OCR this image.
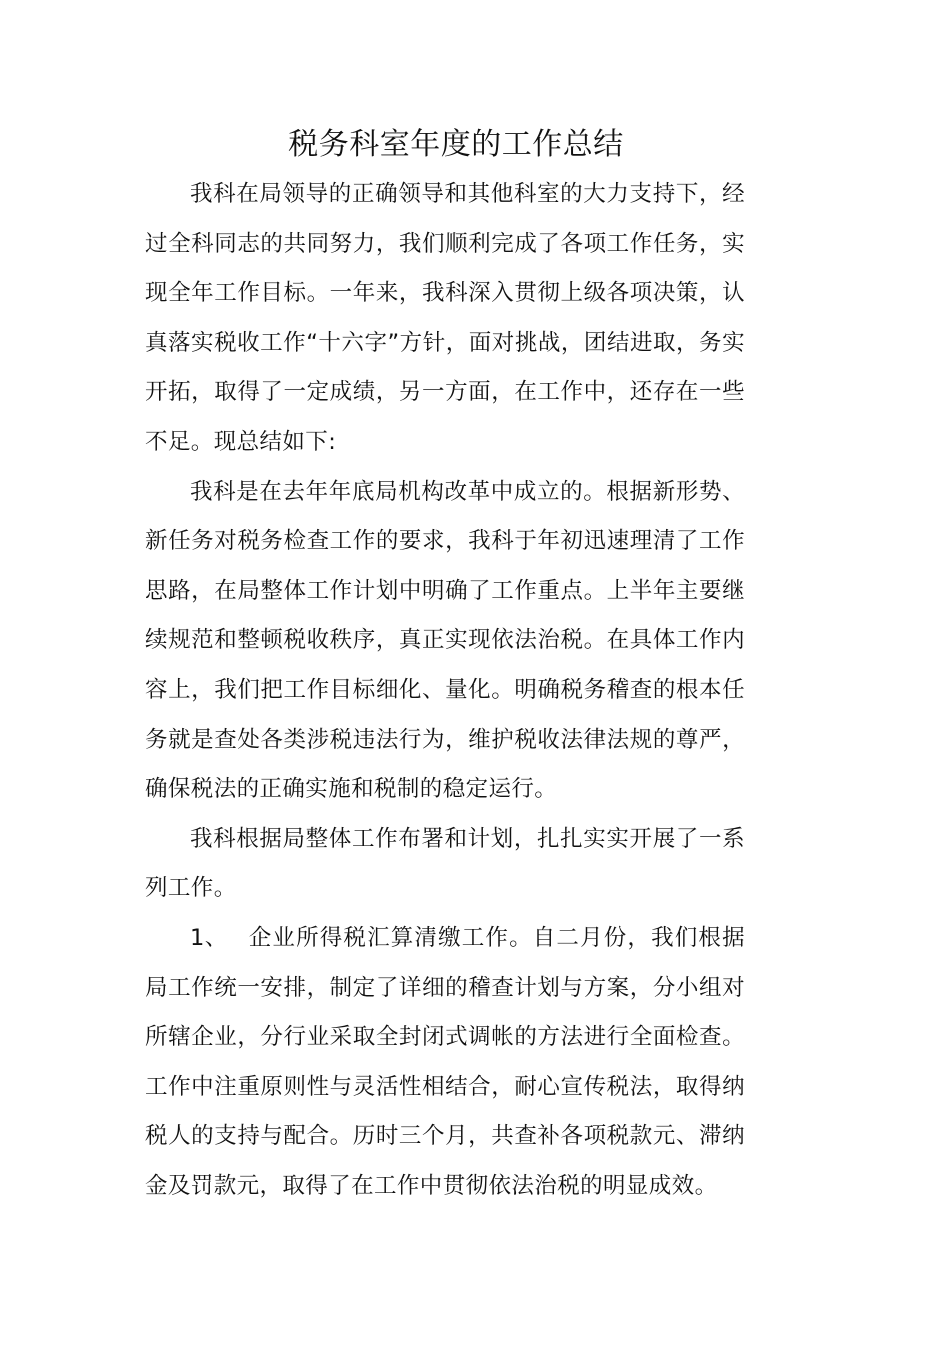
税务科室年度的工作总结

我科在局领导的正确领导和其他科室的大力支持下，经过全科同志的共同努力，我们顺利完成了各项工作任务，实现全年工作目标。一年来，我科深入贯彻上级各项决策，认真落实税收工作“十六字”方针，面对挑战，团结进取，务实开拓，取得了一定成绩，另一方面，在工作中，还存在一些不足。现总结如下:

我科是在去年年底局机构改革中成立的。根据新形势、新任务对税务检查工作的要求，我科于年初迅速理清了工作思路，在局整体工作计划中明确了工作重点。上半年主要继续规范和整顿税收秩序，真正实现依法治税。在具体工作内容上，我们把工作目标细化、量化。明确税务稽查的根本任务就是查处各类涉税违法行为，维护税收法律法规的尊严，确保税法的正确实施和税制的稳定运行。

我科根据局整体工作布署和计划，扎扎实实开展了一系列工作。

1、 企业所得税汇算清缴工作。自二月份，我们根据局工作统一安排，制定了详细的稽查计划与方案，分小组对所辖企业，分行业采取全封闭式调帐的方法进行全面检查。工作中注重原则性与灵活性相结合，耐心宣传税法，取得纳税人的支持与配合。历时三个月，共查补各项税款元、滞纳金及罚款元，取得了在工作中贯彻依法治税的明显成效。
